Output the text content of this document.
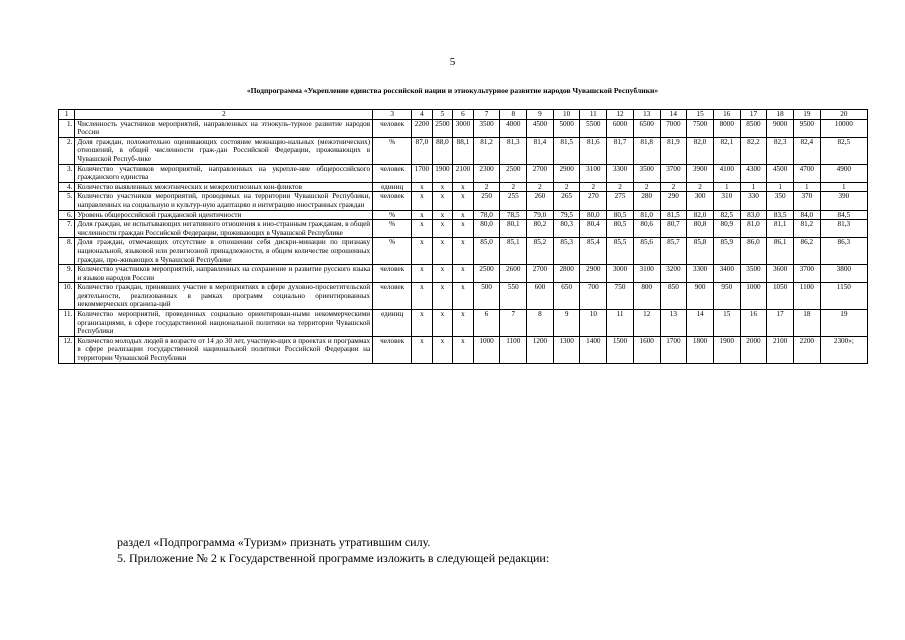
5
«Подпрограмма «Укрепление единства российской нации и этнокультурное развитие народов Чувашской Республики»
1	2	3	4	5	6	7	8	9	10	11	12	13	14	15	16	17	18	19	20
1.	Численность участников мероприятий, направленных на этнокуль-турное развитие народов России	человек	2200	2500	3000	3500	4000	4500	5000	5500	6000	6500	7000	7500	8000	8500	9000	9500	10000
2.	Доля граждан, положительно оценивающих состояние межнацио-нальных (межэтнических) отношений, в общей численности граж-дан Российской Федерации, проживающих в Чувашской Респуб-лике	%	87,0	88,0	88,1	81,2	81,3	81,4	81,5	81,6	81,7	81,8	81,9	82,0	82,1	82,2	82,3	82,4	82,5
3.	Количество участников мероприятий, направленных на укрепле-ние общероссийского гражданского единства	человек	1700	1900	2100	2300	2500	2700	2900	3100	3300	3500	3700	3900	4100	4300	4500	4700	4900
4.	Количество выявленных межэтнических и межрелигиозных кон-фликтов	единиц	х	х	х	2	2	2	2	2	2	2	2	2	1	1	1	1	1
5.	Количество участников мероприятий, проводимых на территории Чувашской Республики, направленных на социальную и культур-ную адаптацию и интеграцию иностранных граждан	человек	х	х	х	250	255	260	265	270	275	280	290	300	310	330	350	370	390
6.	Уровень общероссийской гражданской идентичности	%	х	х	х	78,0	78,5	79,0	79,5	80,0	80,5	81,0	81,5	82,0	82,5	83,0	83,5	84,0	84,5
7.	Доля граждан, не испытывающих негативного отношения к ино-странным гражданам, в общей численности граждан Российской Федерации, проживающих в Чувашской Республике	%	х	х	х	80,0	80,1	80,2	80,3	80,4	80,5	80,6	80,7	80,8	80,9	81,0	81,1	81,2	81,3
8.	Доля граждан, отмечающих отсутствие в отношении себя дискри-минации по признаку национальной, языковой или религиозной принадлежности, в общем количестве опрошенных граждан, про-живающих в Чувашской Республике	%	х	х	х	85,0	85,1	85,2	85,3	85,4	85,5	85,6	85,7	85,8	85,9	86,0	86,1	86,2	86,3
9.	Количество участников мероприятий, направленных на сохранение и развитие русского языка и языков народов России	человек	х	х	х	2500	2600	2700	2800	2900	3000	3100	3200	3300	3400	3500	3600	3700	3800
10.	Количество граждан, принявших участие в мероприятиях в сфере духовно-просветительской деятельности, реализованных в рамках программ социально ориентированных некоммерческих организа-ций	человек	х	х	х	500	550	600	650	700	750	800	850	900	950	1000	1050	1100	1150
11.	Количество мероприятий, проведенных социально ориентирован-ными некоммерческими организациями, в сфере государственной национальной политики на территории Чувашской Республики	единиц	х	х	х	6	7	8	9	10	11	12	13	14	15	16	17	18	19
12.	Количество молодых людей в возрасте от 14 до 30 лет, участвую-щих в проектах и программах в сфере реализации государственной национальной политики Российской Федерации на территории Чувашской Республики	человек	х	х	х	1000	1100	1200	1300	1400	1500	1600	1700	1800	1900	2000	2100	2200	2300»;
раздел «Подпрограмма «Туризм» признать утратившим силу.
5. Приложение № 2 к Государственной программе изложить в следующей редакции:
